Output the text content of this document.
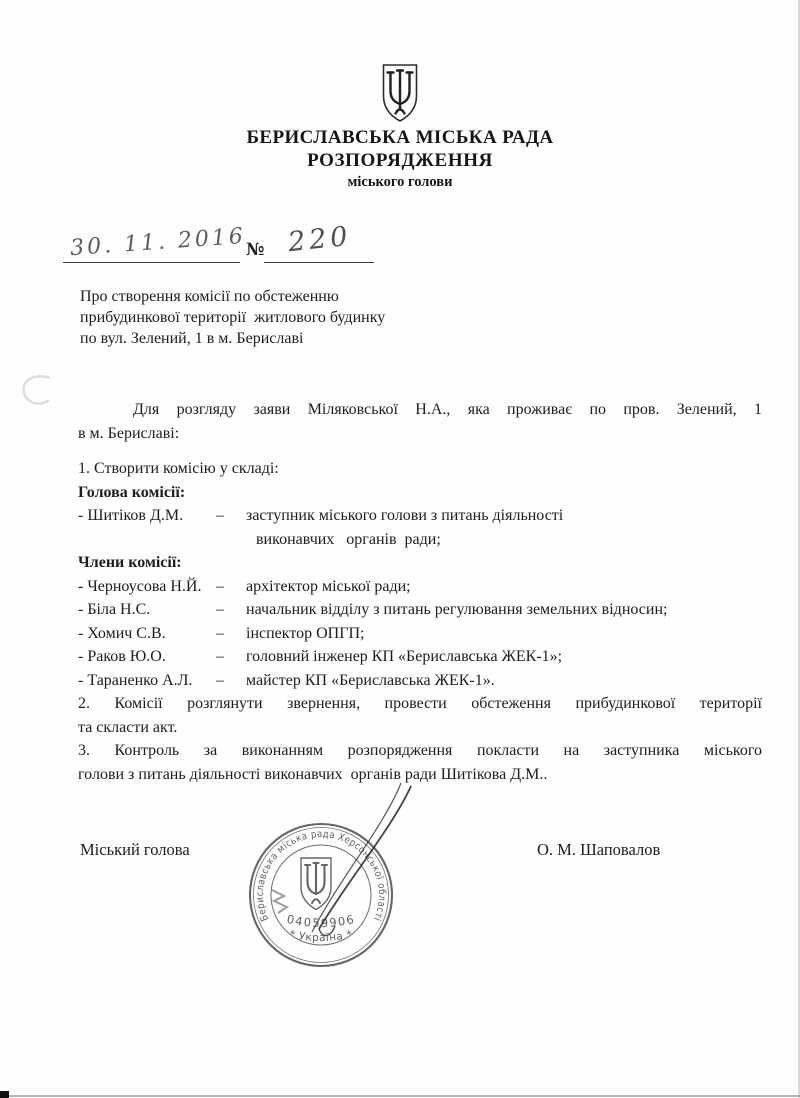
БЕРИСЛАВСЬКА МІСЬКА РАДА
РОЗПОРЯДЖЕННЯ
міського голови
30. 11. 2016 № 220
Про створення комісії по обстеженню
прибудинкової території  житлового будинку
по вул. Зелений, 1 в м. Бериславі
Для розгляду заяви Міляковської Н.А., яка проживає по пров. Зелений, 1
в м. Бериславі:
1. Створити комісію у складі:
Голова комісії:
- Шитіков Д.М.	–	заступник міського голови з питань діяльності
виконавчих   органів  ради;
Члени комісії:
- Черноусова Н.Й. –	архітектор міської ради;
- Біла Н.С.	–	начальник відділу з питань регулювання земельних відносин;
- Хомич С.В.	–	інспектор ОПГП;
- Раков Ю.О.	–	головний інженер КП «Бериславська ЖЕК-1»;
- Тараненко А.Л.	–	майстер КП «Бериславська ЖЕК-1».
2. Комісії розглянути звернення, провести обстеження прибудинкової території
та скласти акт.
3. Контроль за виконанням розпорядження покласти на заступника міського
голови з питань діяльності виконавчих  органів ради Шитікова Д.М..
Міський голова	О. М. Шаповалов
Бериславська міська рада Херсонської області
04059906
* Україна *
